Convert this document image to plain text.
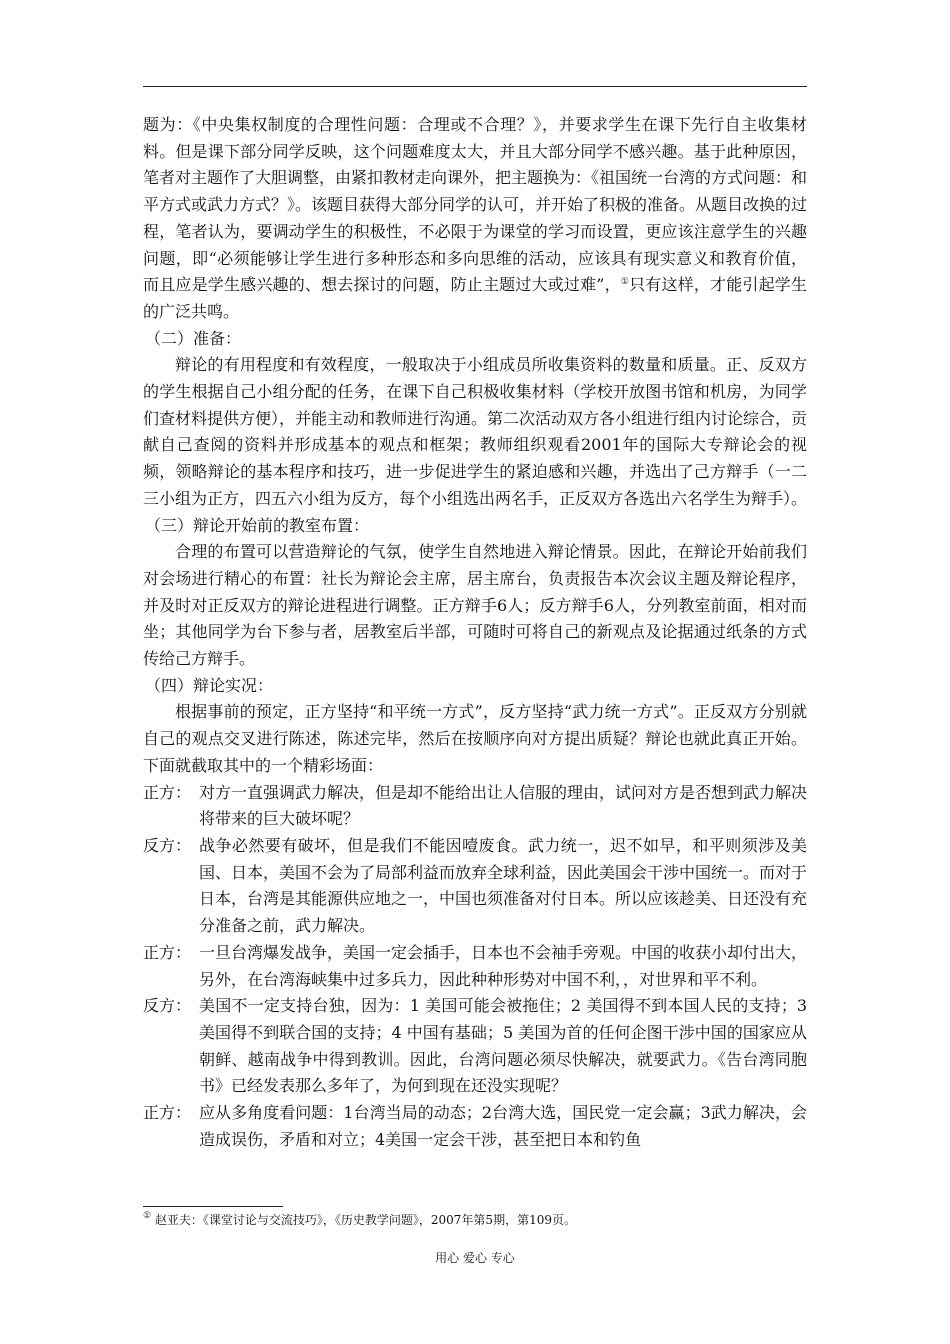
题为：《中央集权制度的合理性问题：合理或不合理？》，并要求学生在课下先行自主收集材料。但是课下部分同学反映，这个问题难度太大，并且大部分同学不感兴趣。基于此种原因，笔者对主题作了大胆调整，由紧扣教材走向课外，把主题换为：《祖国统一台湾的方式问题：和平方式或武力方式？》。该题目获得大部分同学的认可，并开始了积极的准备。从题目改换的过程，笔者认为，要调动学生的积极性，不必限于为课堂的学习而设置，更应该注意学生的兴趣问题，即“必须能够让学生进行多种形态和多向思维的活动，应该具有现实意义和教育价值，而且应是学生感兴趣的、想去探讨的问题，防止主题过大或过难”，①只有这样，才能引起学生的广泛共鸣。

（二）准备：

辩论的有用程度和有效程度，一般取决于小组成员所收集资料的数量和质量。正、反双方的学生根据自己小组分配的任务，在课下自己积极收集材料（学校开放图书馆和机房，为同学们查材料提供方便），并能主动和教师进行沟通。第二次活动双方各小组进行组内讨论综合，贡献自己查阅的资料并形成基本的观点和框架；教师组织观看2001年的国际大专辩论会的视频，领略辩论的基本程序和技巧，进一步促进学生的紧迫感和兴趣，并选出了己方辩手（一二三小组为正方，四五六小组为反方，每个小组选出两名手，正反双方各选出六名学生为辩手）。

（三）辩论开始前的教室布置：

合理的布置可以营造辩论的气氛，使学生自然地进入辩论情景。因此，在辩论开始前我们对会场进行精心的布置：社长为辩论会主席，居主席台，负责报告本次会议主题及辩论程序，并及时对正反双方的辩论进程进行调整。正方辩手6人；反方辩手6人，分列教室前面，相对而坐；其他同学为台下参与者，居教室后半部，可随时可将自己的新观点及论据通过纸条的方式传给己方辩手。

（四）辩论实况：

根据事前的预定，正方坚持“和平统一方式”，反方坚持“武力统一方式”。正反双方分别就自己的观点交叉进行陈述，陈述完毕，然后在按顺序向对方提出质疑？辩论也就此真正开始。下面就截取其中的一个精彩场面：

正方： 对方一直强调武力解决，但是却不能给出让人信服的理由，试问对方是否想到武力解决将带来的巨大破坏呢？
反方： 战争必然要有破坏，但是我们不能因噎废食。武力统一，迟不如早，和平则须涉及美国、日本，美国不会为了局部利益而放弃全球利益，因此美国会干涉中国统一。而对于日本，台湾是其能源供应地之一，中国也须准备对付日本。所以应该趁美、日还没有充分准备之前，武力解决。
正方： 一旦台湾爆发战争，美国一定会插手，日本也不会袖手旁观。中国的收获小却付出大，另外，在台湾海峡集中过多兵力，因此种种形势对中国不利，，对世界和平不利。
反方： 美国不一定支持台独，因为：1 美国可能会被拖住；2 美国得不到本国人民的支持；3美国得不到联合国的支持；4 中国有基础；5 美国为首的任何企图干涉中国的国家应从朝鲜、越南战争中得到教训。因此，台湾问题必须尽快解决，就要武力。《告台湾同胞书》已经发表那么多年了，为何到现在还没实现呢？
正方： 应从多角度看问题：1台湾当局的动态；2台湾大选，国民党一定会赢；3武力解决，会造成误伤，矛盾和对立；4美国一定会干涉，甚至把日本和钓鱼
① 赵亚夫：《课堂讨论与交流技巧》，《历史教学问题》，2007年第5期，第109页。
用心 爱心 专心
